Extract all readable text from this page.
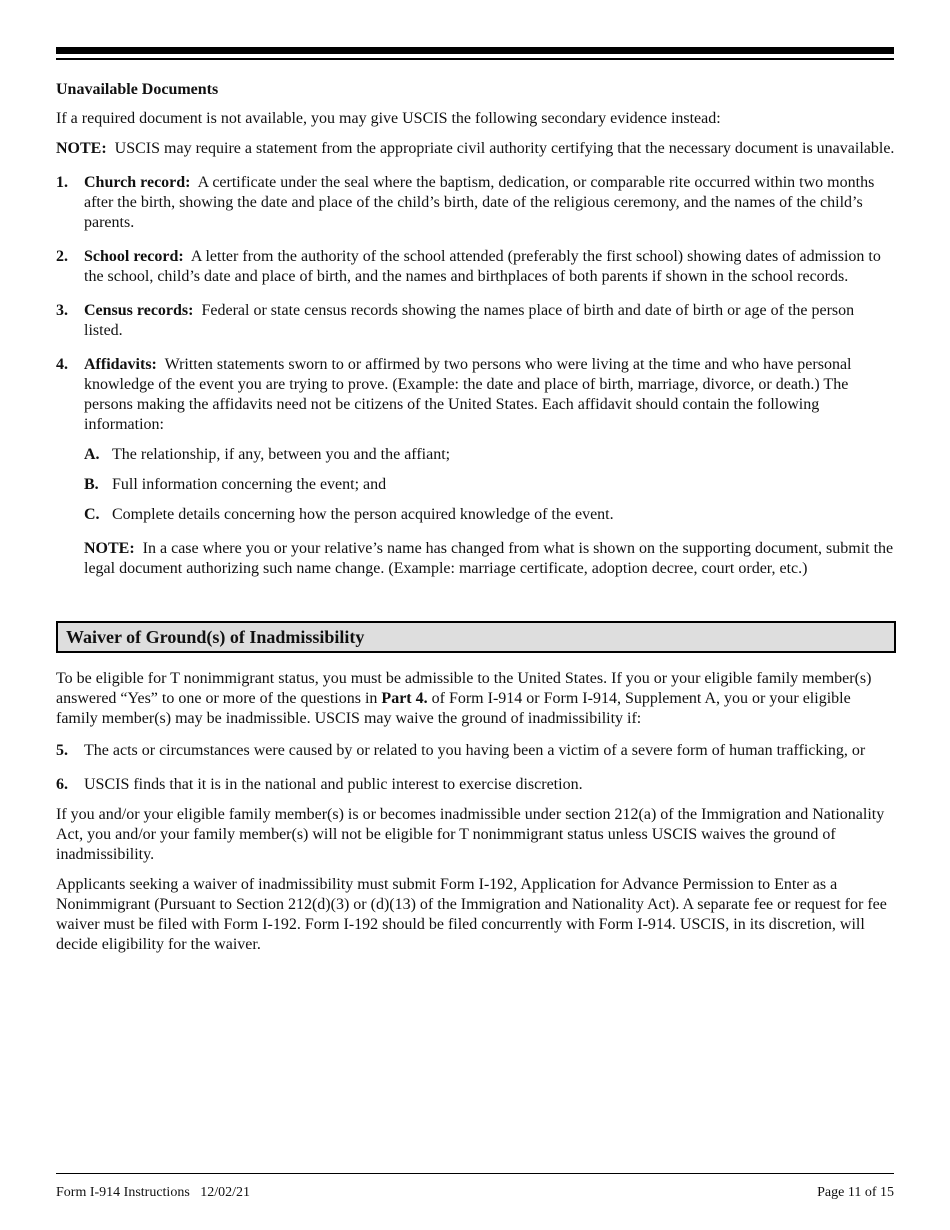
Unavailable Documents

If a required document is not available, you may give USCIS the following secondary evidence instead:

NOTE: USCIS may require a statement from the appropriate civil authority certifying that the necessary document is unavailable.

1. Church record: A certificate under the seal where the baptism, dedication, or comparable rite occurred within two months after the birth, showing the date and place of the child’s birth, date of the religious ceremony, and the names of the child’s parents.
2. School record: A letter from the authority of the school attended (preferably the first school) showing dates of admission to the school, child’s date and place of birth, and the names and birthplaces of both parents if shown in the school records.
3. Census records: Federal or state census records showing the names place of birth and date of birth or age of the person listed.
4. Affidavits: Written statements sworn to or affirmed by two persons who were living at the time and who have personal knowledge of the event you are trying to prove. (Example: the date and place of birth, marriage, divorce, or death.) The persons making the affidavits need not be citizens of the United States. Each affidavit should contain the following information:
A. The relationship, if any, between you and the affiant;
B. Full information concerning the event; and
C. Complete details concerning how the person acquired knowledge of the event.

NOTE: In a case where you or your relative’s name has changed from what is shown on the supporting document, submit the legal document authorizing such name change. (Example: marriage certificate, adoption decree, court order, etc.)

Waiver of Ground(s) of Inadmissibility

To be eligible for T nonimmigrant status, you must be admissible to the United States. If you or your eligible family member(s) answered “Yes” to one or more of the questions in Part 4. of Form I-914 or Form I-914, Supplement A, you or your eligible family member(s) may be inadmissible. USCIS may waive the ground of inadmissibility if:

5. The acts or circumstances were caused by or related to you having been a victim of a severe form of human trafficking, or
6. USCIS finds that it is in the national and public interest to exercise discretion.

If you and/or your eligible family member(s) is or becomes inadmissible under section 212(a) of the Immigration and Nationality Act, you and/or your family member(s) will not be eligible for T nonimmigrant status unless USCIS waives the ground of inadmissibility.

Applicants seeking a waiver of inadmissibility must submit Form I-192, Application for Advance Permission to Enter as a Nonimmigrant (Pursuant to Section 212(d)(3) or (d)(13) of the Immigration and Nationality Act). A separate fee or request for fee waiver must be filed with Form I-192. Form I-192 should be filed concurrently with Form I-914. USCIS, in its discretion, will decide eligibility for the waiver.

Form I-914 Instructions   12/02/21	Page 11 of 15
